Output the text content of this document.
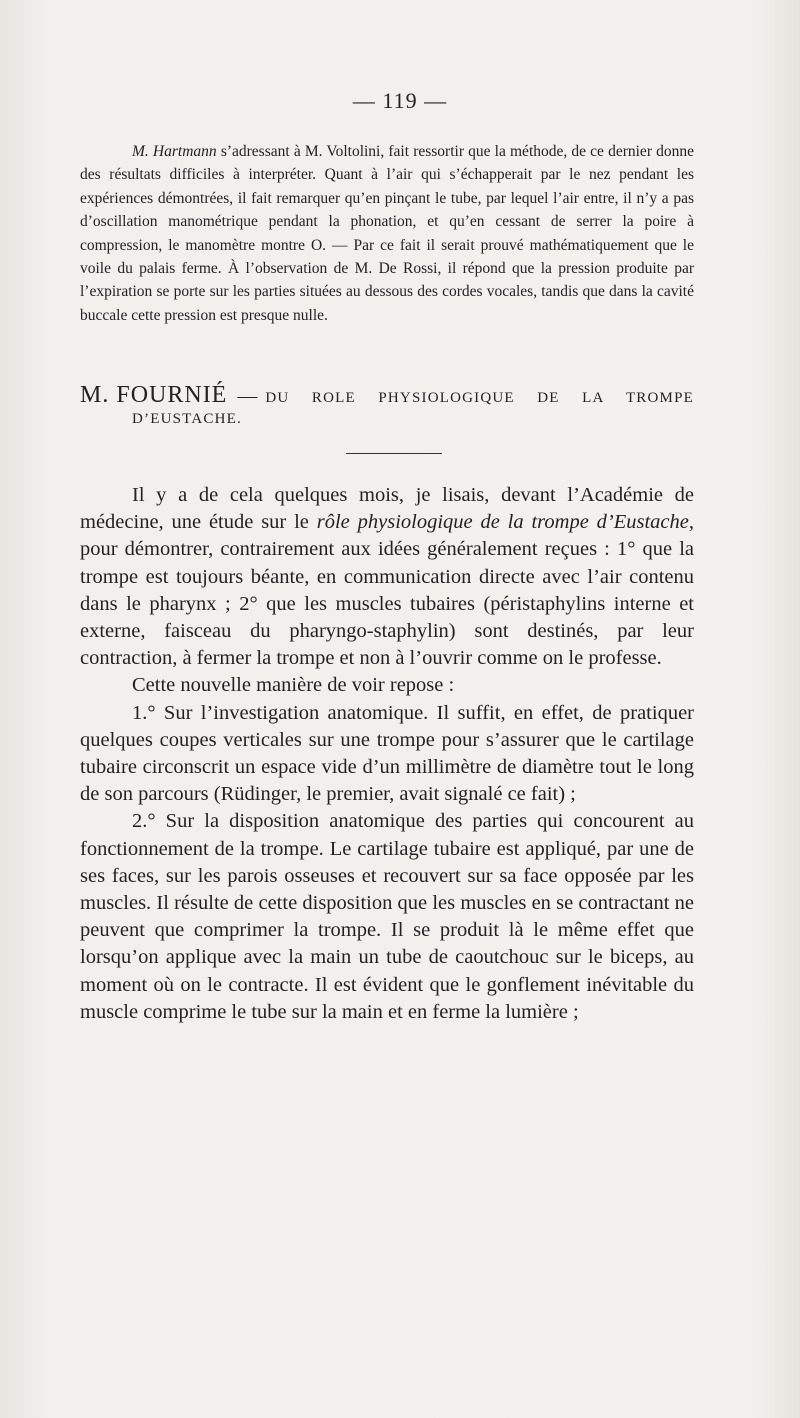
— 119 —

M. Hartmann s’adressant à M. Voltolini, fait ressortir que la méthode, de ce dernier donne des résultats difficiles à interpréter. Quant à l’air qui s’échapperait par le nez pendant les expériences démontrées, il fait remarquer qu’en pinçant le tube, par lequel l’air entre, il n’y a pas d’oscillation manométrique pendant la phonation, et qu’en cessant de serrer la poire à compression, le manomètre montre O. — Par ce fait il serait prouvé mathématiquement que le voile du palais ferme. À l’observation de M. De Rossi, il répond que la pression produite par l’expiration se porte sur les parties situées au dessous des cordes vocales, tandis que dans la cavité buccale cette pression est presque nulle.

M. FOURNIÉ — DU ROLE PHYSIOLOGIQUE DE LA TROMPE
D’EUSTACHE.

Il y a de cela quelques mois, je lisais, devant l’Académie de médecine, une étude sur le rôle physiologique de la trompe d’Eustache, pour démontrer, contrairement aux idées généralement reçues : 1° que la trompe est toujours béante, en communication directe avec l’air contenu dans le pharynx ; 2° que les muscles tubaires (péristaphylins interne et externe, faisceau du pharyngo-staphylin) sont destinés, par leur contraction, à fermer la trompe et non à l’ouvrir comme on le professe.

Cette nouvelle manière de voir repose :

1.° Sur l’investigation anatomique. Il suffit, en effet, de pratiquer quelques coupes verticales sur une trompe pour s’assurer que le cartilage tubaire circonscrit un espace vide d’un millimètre de diamètre tout le long de son parcours (Rüdinger, le premier, avait signalé ce fait) ;

2.° Sur la disposition anatomique des parties qui concourent au fonctionnement de la trompe. Le cartilage tubaire est appliqué, par une de ses faces, sur les parois osseuses et recouvert sur sa face opposée par les muscles. Il résulte de cette disposition que les muscles en se contractant ne peuvent que comprimer la trompe. Il se produit là le même effet que lorsqu’on applique avec la main un tube de caoutchouc sur le biceps, au moment où on le contracte. Il est évident que le gonflement inévitable du muscle comprime le tube sur la main et en ferme la lumière ;
